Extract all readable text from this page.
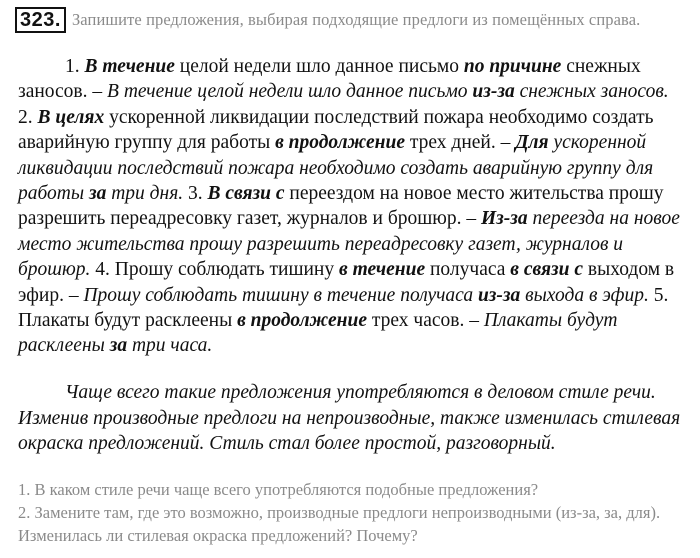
323. Запишите предложения, выбирая подходящие предлоги из помещённых справа.

1. В течение целой недели шло данное письмо по причине снежных заносов. – В течение целой недели шло данное письмо из-за снежных заносов. 2. В целях ускоренной ликвидации последствий пожара необходимо создать аварийную группу для работы в продолжение трех дней. – Для ускоренной ликвидации последствий пожара необходимо создать аварийную группу для работы за три дня. 3. В связи с переездом на новое место жительства прошу разрешить переадресовку газет, журналов и брошюр. – Из-за переезда на новое место жительства прошу разрешить переадресовку газет, журналов и брошюр. 4. Прошу соблюдать тишину в течение получаса в связи с выходом в эфир. – Прошу соблюдать тишину в течение получаса из-за выхода в эфир. 5. Плакаты будут расклеены в продолжение трех часов. – Плакаты будут расклеены за три часа.

Чаще всего такие предложения употребляются в деловом стиле речи. Изменив производные предлоги на непроизводные, также изменилась стилевая окраска предложений. Стиль стал более простой, разговорный.

1. В каком стиле речи чаще всего употребляются подобные предложения?
2. Замените там, где это возможно, производные предлоги непроизводными (из-за, за, для). Изменилась ли стилевая окраска предложений? Почему?
